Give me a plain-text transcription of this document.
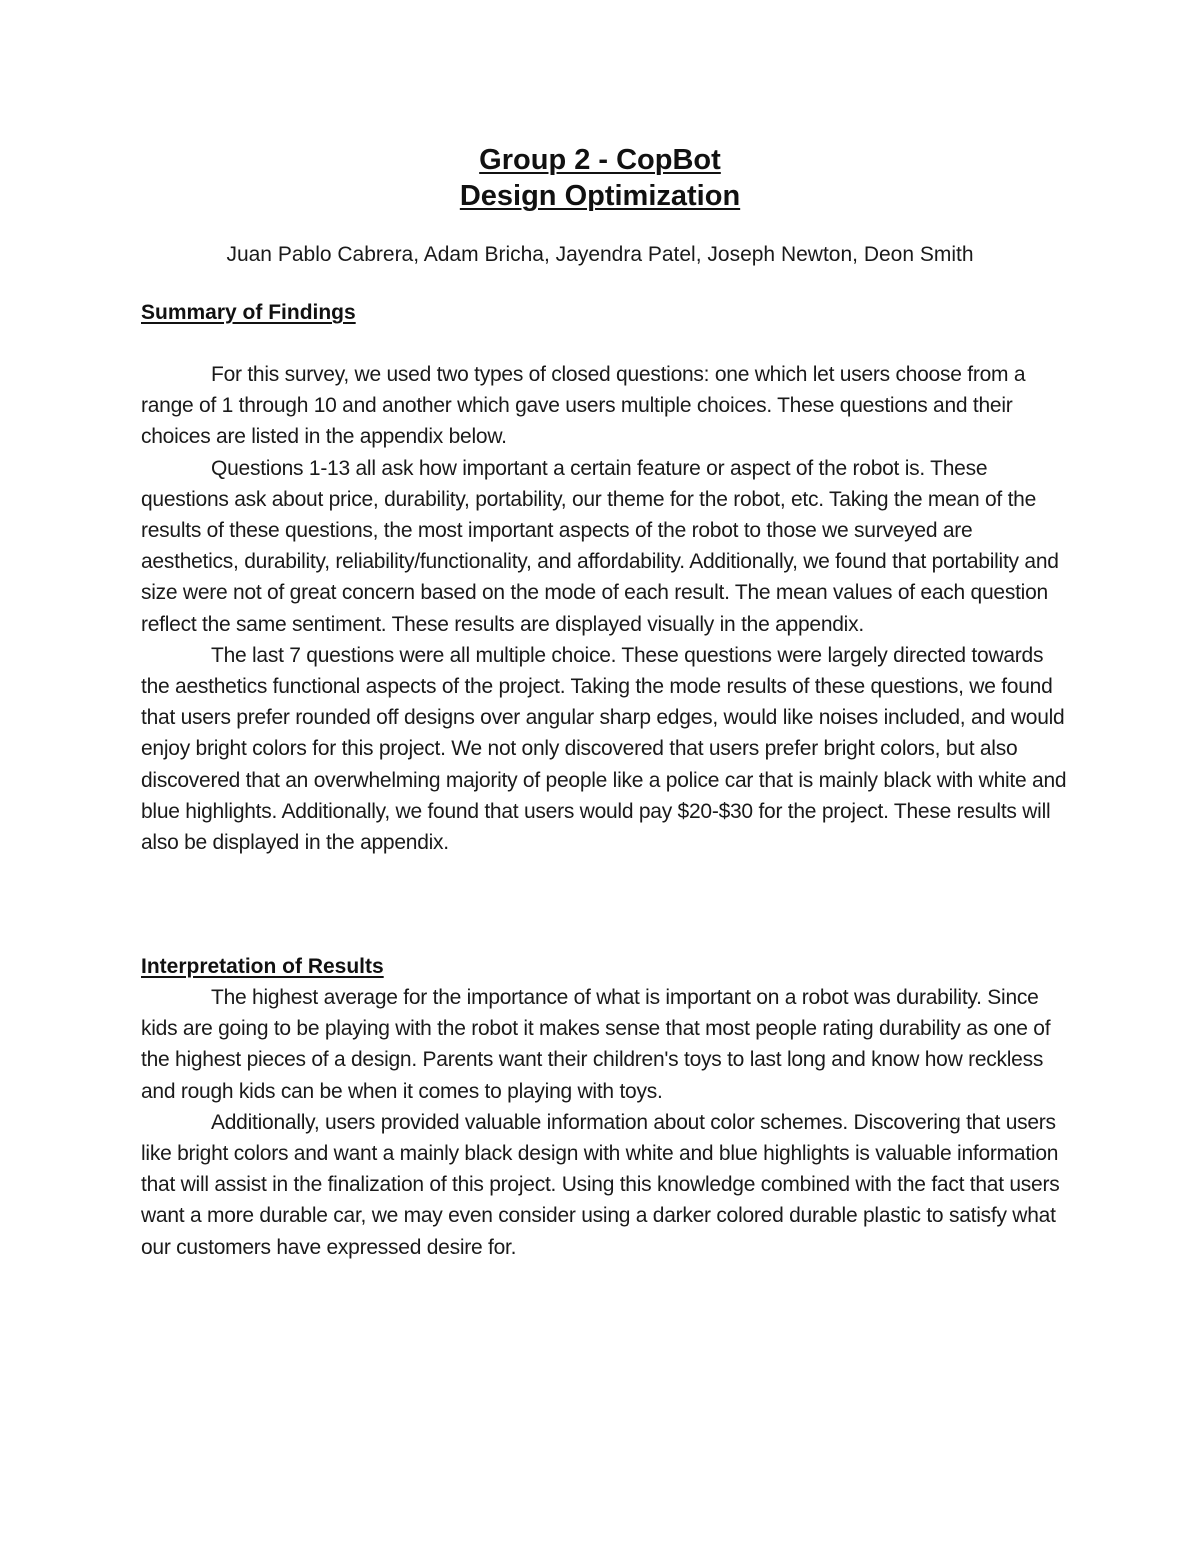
Group 2 - CopBot
Design Optimization
Juan Pablo Cabrera, Adam Bricha, Jayendra Patel, Joseph Newton, Deon Smith
Summary of Findings

For this survey, we used two types of closed questions: one which let users choose from a range of 1 through 10 and another which gave users multiple choices. These questions and their choices are listed in the appendix below.

Questions 1-13 all ask how important a certain feature or aspect of the robot is. These questions ask about price, durability, portability, our theme for the robot, etc. Taking the mean of the results of these questions, the most important aspects of the robot to those we surveyed are aesthetics, durability, reliability/functionality, and affordability. Additionally, we found that portability and size were not of great concern based on the mode of each result. The mean values of each question reflect the same sentiment. These results are displayed visually in the appendix.

The last 7 questions were all multiple choice. These questions were largely directed towards the aesthetics functional aspects of the project. Taking the mode results of these questions, we found that users prefer rounded off designs over angular sharp edges, would like noises included, and would enjoy bright colors for this project. We not only discovered that users prefer bright colors, but also discovered that an overwhelming majority of people like a police car that is mainly black with white and blue highlights. Additionally, we found that users would pay $20-$30 for the project. These results will also be displayed in the appendix.

Interpretation of Results

The highest average for the importance of what is important on a robot was durability. Since kids are going to be playing with the robot it makes sense that most people rating durability as one of the highest pieces of a design. Parents want their children's toys to last long and know how reckless and rough kids can be when it comes to playing with toys.

Additionally, users provided valuable information about color schemes. Discovering that users like bright colors and want a mainly black design with white and blue highlights is valuable information that will assist in the finalization of this project. Using this knowledge combined with the fact that users want a more durable car, we may even consider using a darker colored durable plastic to satisfy what our customers have expressed desire for.
